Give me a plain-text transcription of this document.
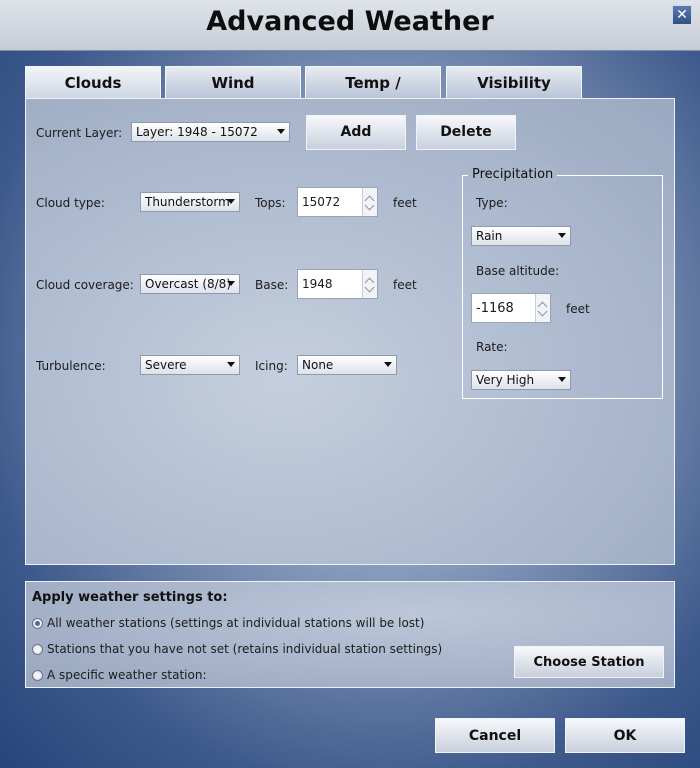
Advanced Weather	✕
Clouds	Wind	Temp /	Visibility
Current Layer:	Layer: 1948 - 15072	Add	Delete
Cloud type:	Thunderstorm	Tops: 15072	feet
Cloud coverage: Overcast (8/8)	Base: 1948	feet
Turbulence:	Severe	Icing:	None
Precipitation
Type:
Rain
Base altitude:
-1168	feet
Rate:
Very High
Apply weather settings to:
All weather stations (settings at individual stations will be lost)
Stations that you have not set (retains individual station settings)
A specific weather station:
Choose Station
Cancel	OK
